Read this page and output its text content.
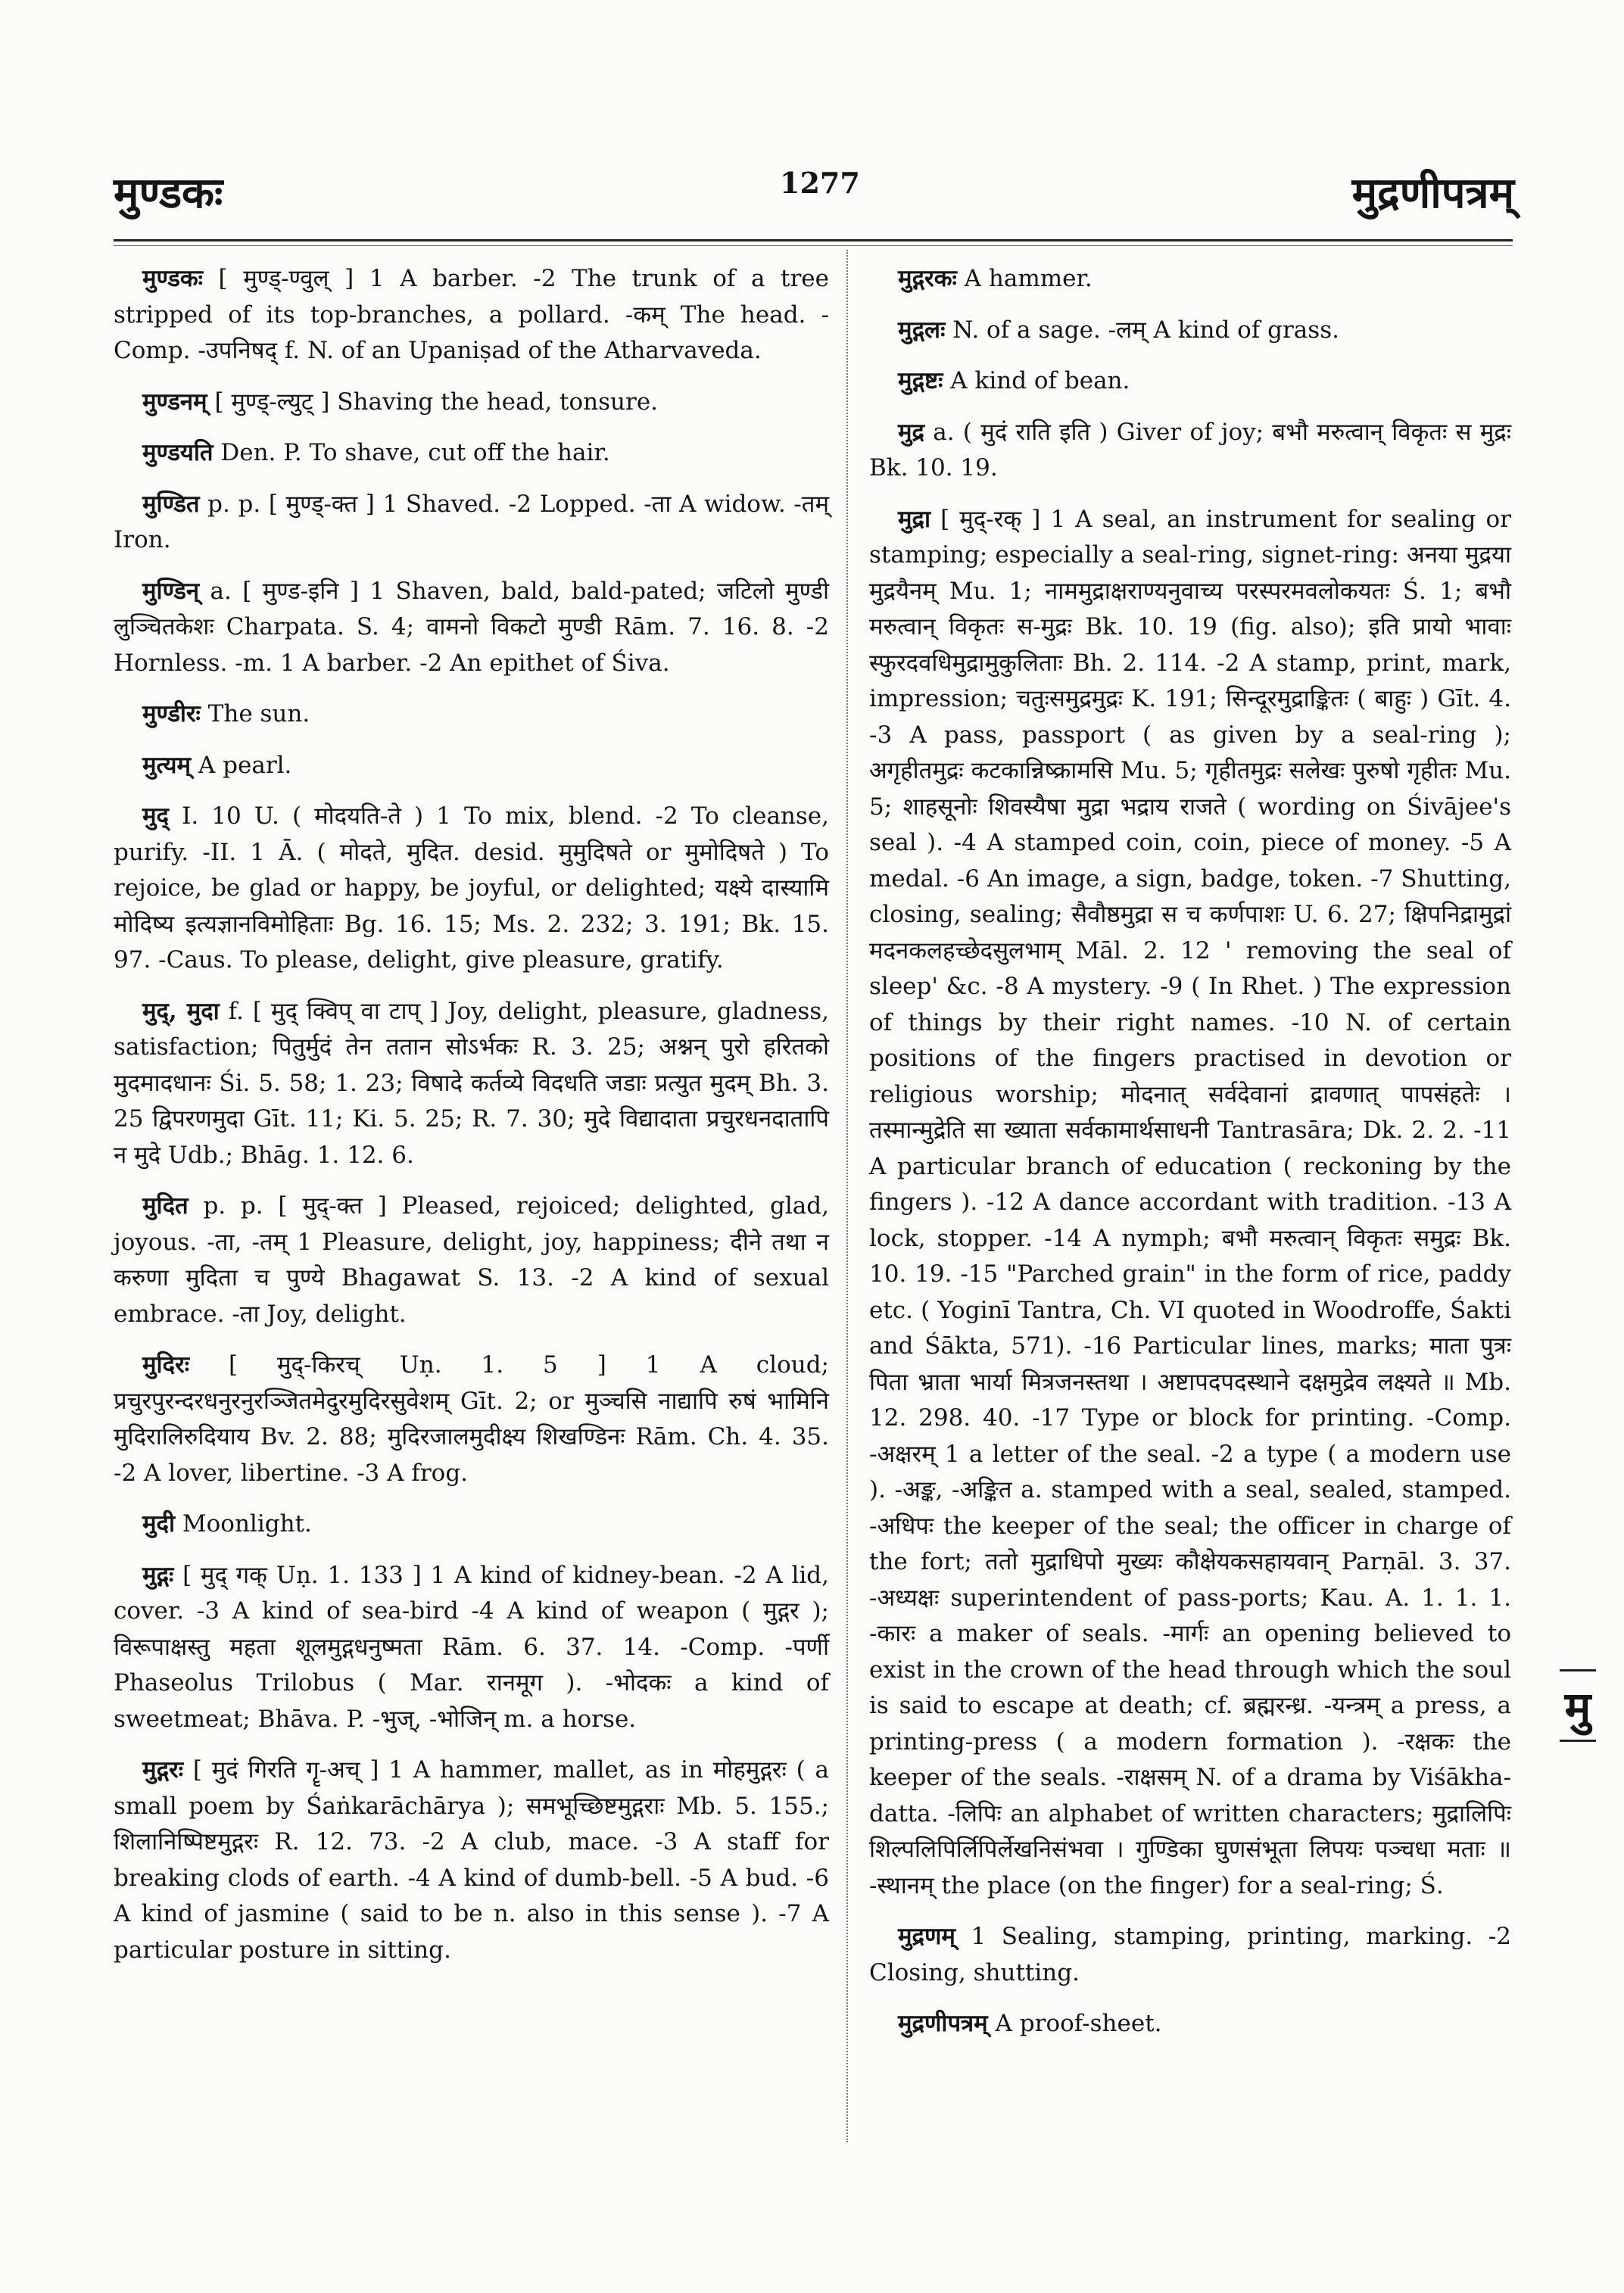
मुण्डकः	1277	मुद्रणीपत्रम्

मुण्डकः [ मुण्ड्-ण्वुल् ] 1 A barber. -2 The trunk of a tree stripped of its top-branches, a pollard. -कम् The head. -Comp. -उपनिषद् f. N. of an Upaniṣad of the Atharvaveda.

मुण्डनम् [ मुण्ड्-ल्युट् ] Shaving the head, tonsure.

मुण्डयति Den. P. To shave, cut off the hair.

मुण्डित p. p. [ मुण्ड्-क्त ] 1 Shaved. -2 Lopped. -ता A widow. -तम् Iron.

मुण्डिन् a. [ मुण्ड-इनि ] 1 Shaven, bald, bald-pated; जटिलो मुण्डी लुञ्चितकेशः Charpata. S. 4; वामनो विकटो मुण्डी Rām. 7. 16. 8. -2 Hornless. -m. 1 A barber. -2 An epithet of Śiva.

मुण्डीरः The sun.

मुत्यम् A pearl.

मुद् I. 10 U. ( मोदयति-ते ) 1 To mix, blend. -2 To cleanse, purify. -II. 1 Ā. ( मोदते, मुदित. desid. मुमुदिषते or मुमोदिषते ) To rejoice, be glad or happy, be joyful, or delighted; यक्ष्ये दास्यामि मोदिष्य इत्यज्ञानविमोहिताः Bg. 16. 15; Ms. 2. 232; 3. 191; Bk. 15. 97. -Caus. To please, delight, give pleasure, gratify.

मुद्, मुदा f. [ मुद् क्विप् वा टाप् ] Joy, delight, pleasure, gladness, satisfaction; पितुर्मुदं तेन ततान सोऽर्भकः R. 3. 25; अश्नन् पुरो हरितको मुदमादधानः Śi. 5. 58; 1. 23; विषादे कर्तव्ये विदधति जडाः प्रत्युत मुदम् Bh. 3. 25 द्विपरणमुदा Gīt. 11; Ki. 5. 25; R. 7. 30; मुदे विद्यादाता प्रचुरधनदातापि न मुदे Udb.; Bhāg. 1. 12. 6.

मुदित p. p. [ मुद्-क्त ] Pleased, rejoiced; delighted, glad, joyous. -ता, -तम् 1 Pleasure, delight, joy, happiness; दीने तथा न करुणा मुदिता च पुण्ये Bhagawat S. 13. -2 A kind of sexual embrace. -ता Joy, delight.

मुदिरः [ मुद्-किरच् Uṇ. 1. 5 ] 1 A cloud; प्रचुरपुरन्दरधनुरनुरञ्जितमेदुरमुदिरसुवेशम् Gīt. 2; or मुञ्चसि नाद्यापि रुषं भामिनि मुदिरालिरुदियाय Bv. 2. 88; मुदिरजालमुदीक्ष्य शिखण्डिनः Rām. Ch. 4. 35. -2 A lover, libertine. -3 A frog.

मुदी Moonlight.

मुद्गः [ मुद् गक् Uṇ. 1. 133 ] 1 A kind of kidney-bean. -2 A lid, cover. -3 A kind of sea-bird -4 A kind of weapon ( मुद्गर ); विरूपाक्षस्तु महता शूलमुद्गधनुष्मता Rām. 6. 37. 14. -Comp. -पर्णी Phaseolus Trilobus ( Mar. रानमूग ). -भोदकः a kind of sweetmeat; Bhāva. P. -भुज्, -भोजिन् m. a horse.

मुद्गरः [ मुदं गिरति गॄ-अच् ] 1 A hammer, mallet, as in मोहमुद्गरः ( a small poem by Śaṅkarāchārya ); समभूच्छिष्टमुद्गराः Mb. 5. 155.; शिलानिष्पिष्टमुद्गरः R. 12. 73. -2 A club, mace. -3 A staff for breaking clods of earth. -4 A kind of dumb-bell. -5 A bud. -6 A kind of jasmine ( said to be n. also in this sense ). -7 A particular posture in sitting.

मुद्गरकः A hammer.

मुद्गलः N. of a sage. -लम् A kind of grass.

मुद्गष्टः A kind of bean.

मुद्र a. ( मुदं राति इति ) Giver of joy; बभौ मरुत्वान् विकृतः स मुद्रः Bk. 10. 19.

मुद्रा [ मुद्-रक् ] 1 A seal, an instrument for sealing or stamping; especially a seal-ring, signet-ring: अनया मुद्रया मुद्रयैनम् Mu. 1; नाममुद्राक्षराण्यनुवाच्य परस्परमवलोकयतः Ś. 1; बभौ मरुत्वान् विकृतः स-मुद्रः Bk. 10. 19 (fig. also); इति प्रायो भावाः स्फुरदवधिमुद्रामुकुलिताः Bh. 2. 114. -2 A stamp, print, mark, impression; चतुःसमुद्रमुद्रः K. 191; सिन्दूरमुद्राङ्कितः ( बाहुः ) Gīt. 4. -3 A pass, passport ( as given by a seal-ring ); अगृहीतमुद्रः कटकान्निष्क्रामसि Mu. 5; गृहीतमुद्रः सलेखः पुरुषो गृहीतः Mu. 5; शाहसूनोः शिवस्यैषा मुद्रा भद्राय राजते ( wording on Śivājee's seal ). -4 A stamped coin, coin, piece of money. -5 A medal. -6 An image, a sign, badge, token. -7 Shutting, closing, sealing; सैवौष्ठमुद्रा स च कर्णपाशः U. 6. 27; क्षिपनिद्रामुद्रां मदनकलहच्छेदसुलभाम् Māl. 2. 12 ' removing the seal of sleep' &c. -8 A mystery. -9 ( In Rhet. ) The expression of things by their right names. -10 N. of certain positions of the fingers practised in devotion or religious worship; मोदनात् सर्वदेवानां द्रावणात् पापसंहतेः । तस्मान्मुद्रेति सा ख्याता सर्वकामार्थसाधनी Tantrasāra; Dk. 2. 2. -11 A particular branch of education ( reckoning by the fingers ). -12 A dance accordant with tradition. -13 A lock, stopper. -14 A nymph; बभौ मरुत्वान् विकृतः समुद्रः Bk. 10. 19. -15 "Parched grain" in the form of rice, paddy etc. ( Yoginī Tantra, Ch. VI quoted in Woodroffe, Śakti and Śākta, 571). -16 Particular lines, marks; माता पुत्रः पिता भ्राता भार्या मित्रजनस्तथा । अष्टापदपदस्थाने दक्षमुद्रेव लक्ष्यते ॥ Mb. 12. 298. 40. -17 Type or block for printing. -Comp. -अक्षरम् 1 a letter of the seal. -2 a type ( a modern use ). -अङ्क, -अङ्कित a. stamped with a seal, sealed, stamped. -अधिपः the keeper of the seal; the officer in charge of the fort; ततो मुद्राधिपो मुख्यः कौक्षेयकसहायवान् Parṇāl. 3. 37. -अध्यक्षः superintendent of pass-ports; Kau. A. 1. 1. 1. -कारः a maker of seals. -मार्गः an opening believed to exist in the crown of the head through which the soul is said to escape at death; cf. ब्रह्मरन्ध्र. -यन्त्रम् a press, a printing-press ( a modern formation ). -रक्षकः the keeper of the seals. -राक्षसम् N. of a drama by Viśākha-datta. -लिपिः an alphabet of written characters; मुद्रालिपिः शिल्पलिपिर्लिपिर्लेखनिसंभवा । गुण्डिका घुणसंभूता लिपयः पञ्चधा मताः ॥ -स्थानम् the place (on the finger) for a seal-ring; Ś.

मुद्रणम् 1 Sealing, stamping, printing, marking. -2 Closing, shutting.

मुद्रणीपत्रम् A proof-sheet.

मु
